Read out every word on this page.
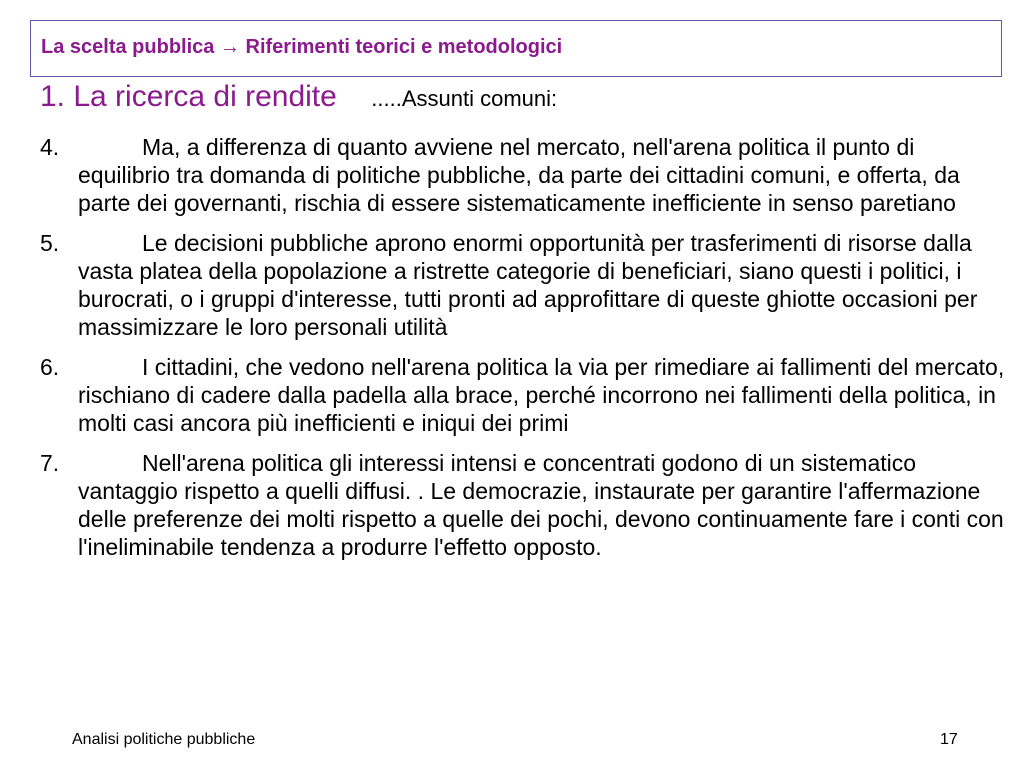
La scelta pubblica → Riferimenti teorici e metodologici
1. La ricerca di rendite .....Assunti comuni:
4.	Ma, a differenza di quanto avviene nel mercato, nell'arena politica il punto di equilibrio tra domanda di politiche pubbliche, da parte dei cittadini comuni, e offerta, da parte dei governanti, rischia di essere sistematicamente inefficiente in senso paretiano
5.	Le decisioni pubbliche aprono enormi opportunità per trasferimenti di risorse dalla vasta platea della popolazione a ristrette categorie di beneficiari, siano questi i politici, i burocrati, o i gruppi d'interesse, tutti pronti ad approfittare di queste ghiotte occasioni per massimizzare le loro personali utilità
6.	I cittadini, che vedono nell'arena politica la via per rimediare ai fallimenti del mercato, rischiano di cadere dalla padella alla brace, perché incorrono nei fallimenti della politica, in molti casi ancora più inefficienti e iniqui dei primi
7.	Nell'arena politica gli interessi intensi e concentrati godono di un sistematico vantaggio rispetto a quelli diffusi. . Le democrazie, instaurate per garantire l'affermazione delle preferenze dei molti rispetto a quelle dei pochi, devono continuamente fare i conti con l'ineliminabile tendenza a produrre l'effetto opposto.
Analisi politiche pubbliche	17
